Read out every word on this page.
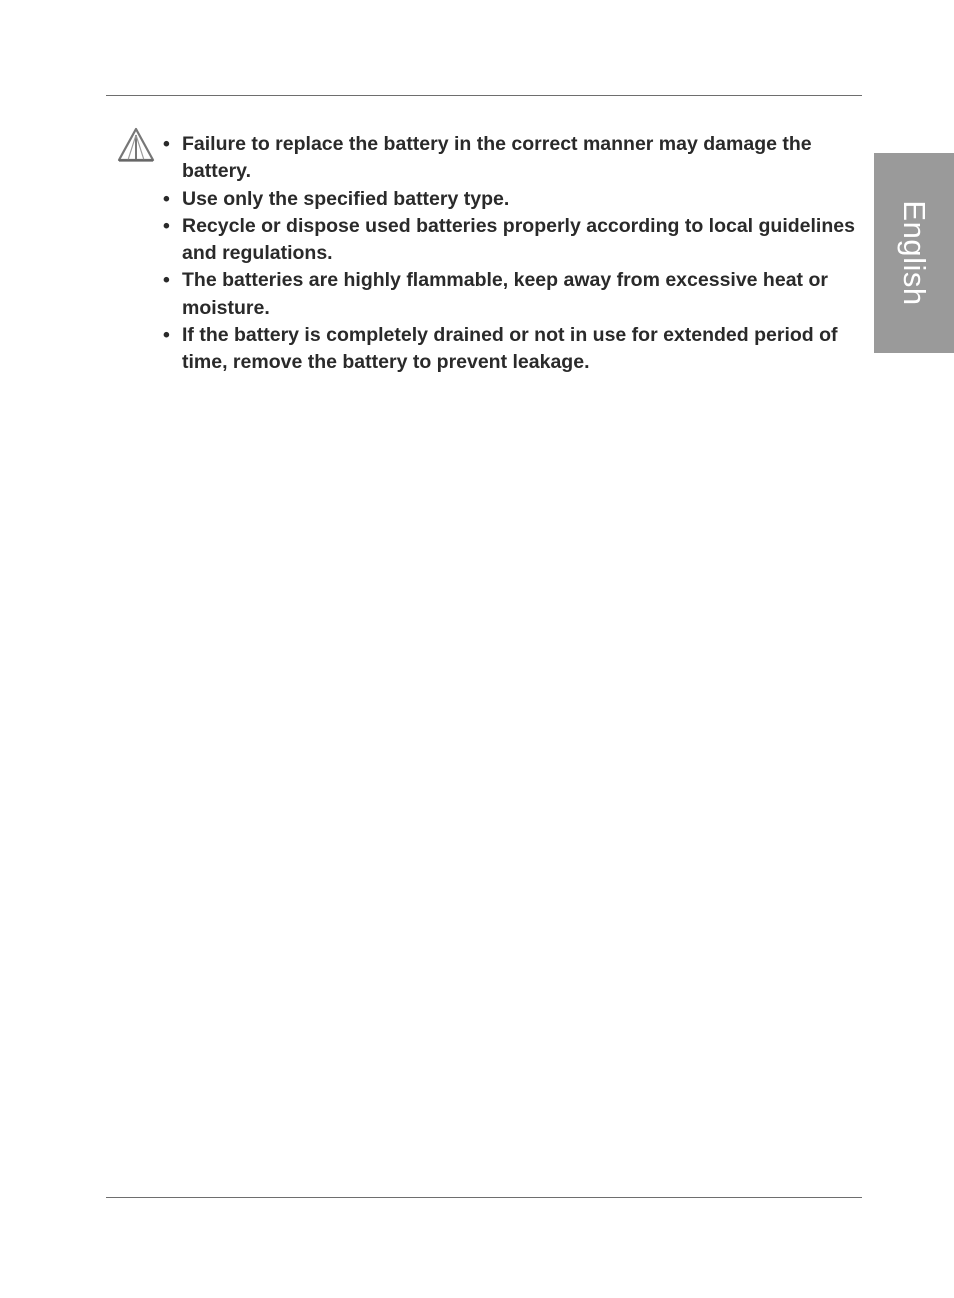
English
• Failure to replace the battery in the correct manner may damage the battery.
• Use only the specified battery type.
• Recycle or dispose used batteries properly according to local guidelines and regulations.
• The batteries are highly flammable, keep away from excessive heat or moisture.
• If the battery is completely drained or not in use for extended period of time, remove the battery to prevent leakage.
